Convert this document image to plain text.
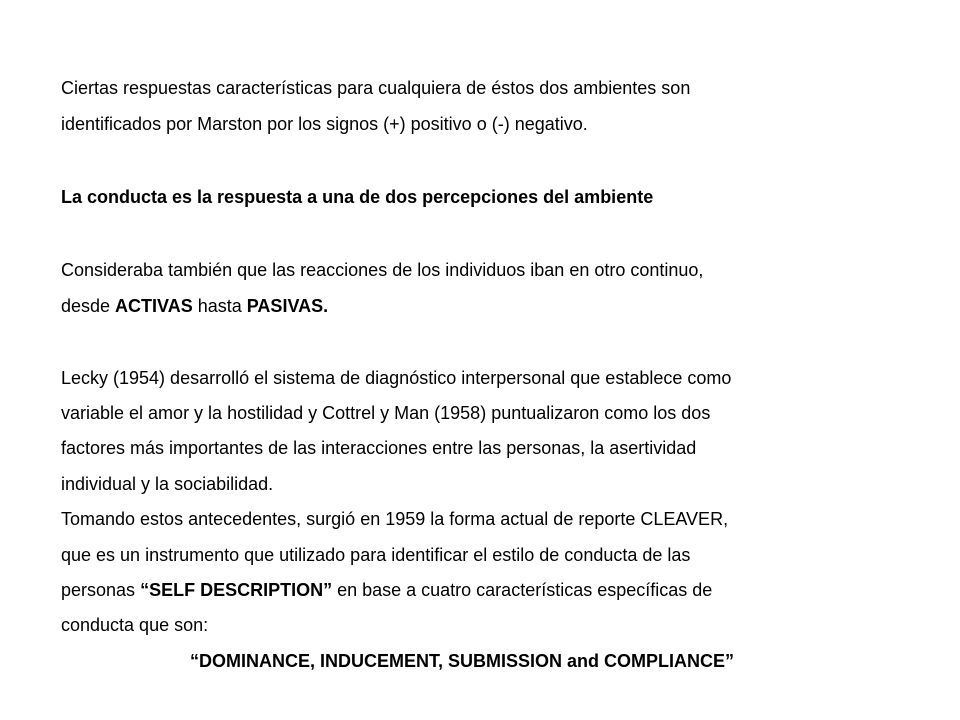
Ciertas respuestas características para cualquiera de éstos dos ambientes son
identificados por Marston por los signos (+) positivo o (-) negativo.
La conducta es la respuesta a una de dos percepciones del ambiente
Consideraba también que las reacciones de los individuos iban en otro continuo,
desde ACTIVAS hasta PASIVAS.
Lecky (1954) desarrolló el sistema de diagnóstico interpersonal que establece como
variable el amor y la hostilidad y Cottrel y Man (1958) puntualizaron como los dos
factores más importantes de las interacciones entre las personas, la asertividad
individual y la sociabilidad.
Tomando estos antecedentes, surgió en 1959 la forma actual de reporte CLEAVER,
que es un instrumento que utilizado para identificar el estilo de conducta de las
personas “SELF DESCRIPTION” en base a cuatro características específicas de
conducta que son:
“DOMINANCE, INDUCEMENT, SUBMISSION and COMPLIANCE”
